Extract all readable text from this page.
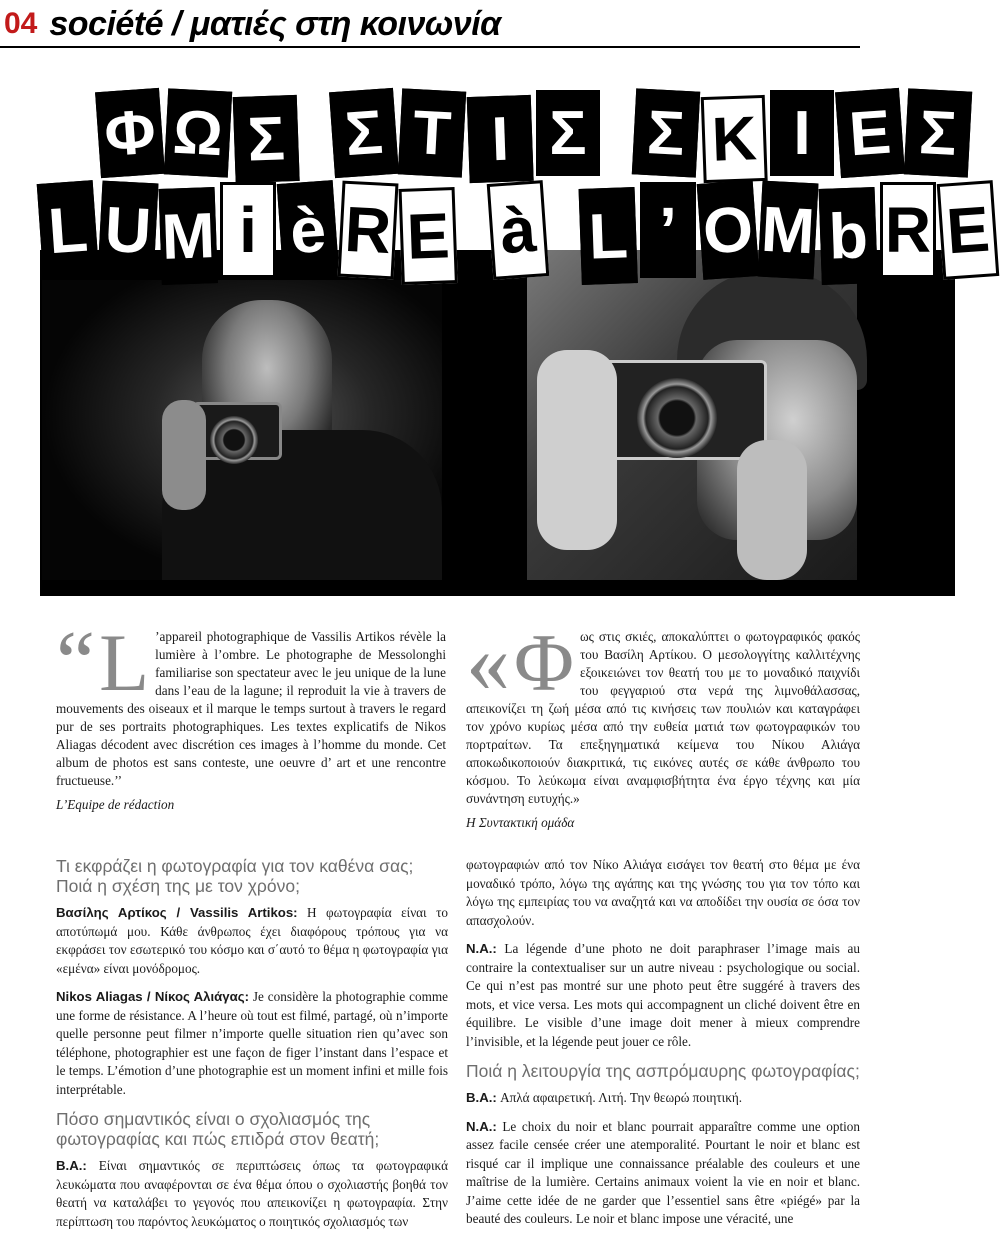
04 société / ματιές στη κοινωνία
Φ Ω Σ Σ Τ Ι Σ Σ Κ Ι Ε Σ
L U M i è R E à L ’ O M b R E
“ L ’appareil photographique de Vassilis Artikos révèle la lumière à l’ombre. Le photographe de Messolonghi familiarise son spectateur avec le jeu unique de la lune dans l’eau de la lagune; il reproduit la vie à travers de mouvements des oiseaux et il marque le temps surtout à travers le regard pur de ses portraits photographiques. Les textes explicatifs de Nikos Aliagas décodent avec discrétion ces images à l’homme du monde. Cet album de photos est sans conteste, une oeuvre d’ art et une rencontre fructueuse.’’
L’Equipe de rédaction
« Φ ως στις σκιές, αποκαλύπτει ο φωτογραφικός φακός του Βασίλη Αρτίκου. Ο μεσολογγίτης καλλιτέχνης εξοικειώνει τον θεατή του με το μοναδικό παιχνίδι του φεγγαριού στα νερά της λιμνοθάλασσας, απεικονίζει τη ζωή μέσα από τις κινήσεις των πουλιών και καταγράφει τον χρόνο κυρίως μέσα από την ευθεία ματιά των φωτογραφικών του πορτραίτων. Τα επεξηγηματικά κείμενα του Νίκου Αλιάγα αποκωδικοποιούν διακριτικά, τις εικόνες αυτές σε κάθε άνθρωπο του κόσμου. Το λεύκωμα είναι αναμφισβήτητα ένα έργο τέχνης και μία συνάντηση ευτυχής.»
Η Συντακτική ομάδα
Τι εκφράζει η φωτογραφία για τον καθένα σας; Ποιά η σχέση της με τον χρόνο;

Βασίλης Αρτίκος / Vassilis Artikos: Η φωτογραφία είναι το αποτύπωμά μου. Κάθε άνθρωπος έχει διαφόρους τρόπους για να εκφράσει τον εσωτερικό του κόσμο και σ΄αυτό το θέμα η φωτογραφία για «εμένα» είναι μονόδρομος.

Nikos Aliagas / Νίκος Αλιάγας: Je considère la photographie comme une forme de résistance. A l’heure où tout est filmé, partagé, où n’importe quelle personne peut filmer n’importe quelle situation rien qu’avec son téléphone, photographier est une façon de figer l’instant dans l’espace et le temps. L’émotion d’une photographie est un moment infini et mille fois interprétable.

Πόσο σημαντικός είναι ο σχολιασμός της φωτογραφίας και πώς επιδρά στον θεατή;

B.A.: Είναι σημαντικός σε περιπτώσεις όπως τα φωτογραφικά λευκώματα που αναφέρονται σε ένα θέμα όπου ο σχολιαστής βοηθά τον θεατή να καταλάβει το γεγονός που απεικονίζει η φωτογραφία. Στην περίπτωση του παρόντος λευκώματος ο ποιητικός σχολιασμός των

φωτογραφιών από τον Νίκο Αλιάγα εισάγει τον θεατή στο θέμα με ένα μοναδικό τρόπο, λόγω της αγάπης και της γνώσης του για τον τόπο και λόγω της εμπειρίας του να αναζητά και να αποδίδει την ουσία σε όσα τον απασχολούν.

N.A.: La légende d’une photo ne doit paraphraser l’image mais au contraire la contextualiser sur un autre niveau : psychologique ou social. Ce qui n’est pas montré sur une photo peut être suggéré à travers des mots, et vice versa. Les mots qui accompagnent un cliché doivent être en équilibre. Le visible d’une image doit mener à mieux comprendre l’invisible, et la légende peut jouer ce rôle.

Ποιά η λειτουργία της ασπρόμαυρης φωτογραφίας;

B.A.: Απλά αφαιρετική. Λιτή. Την θεωρώ ποιητική.

N.A.: Le choix du noir et blanc pourrait apparaître comme une option assez facile censée créer une atemporalité. Pourtant le noir et blanc est risqué car il implique une connaissance préalable des couleurs et une maîtrise de la lumière. Certains animaux voient la vie en noir et blanc. J’aime cette idée de ne garder que l’essentiel sans être «piégé» par la beauté des couleurs. Le noir et blanc impose une véracité, une
